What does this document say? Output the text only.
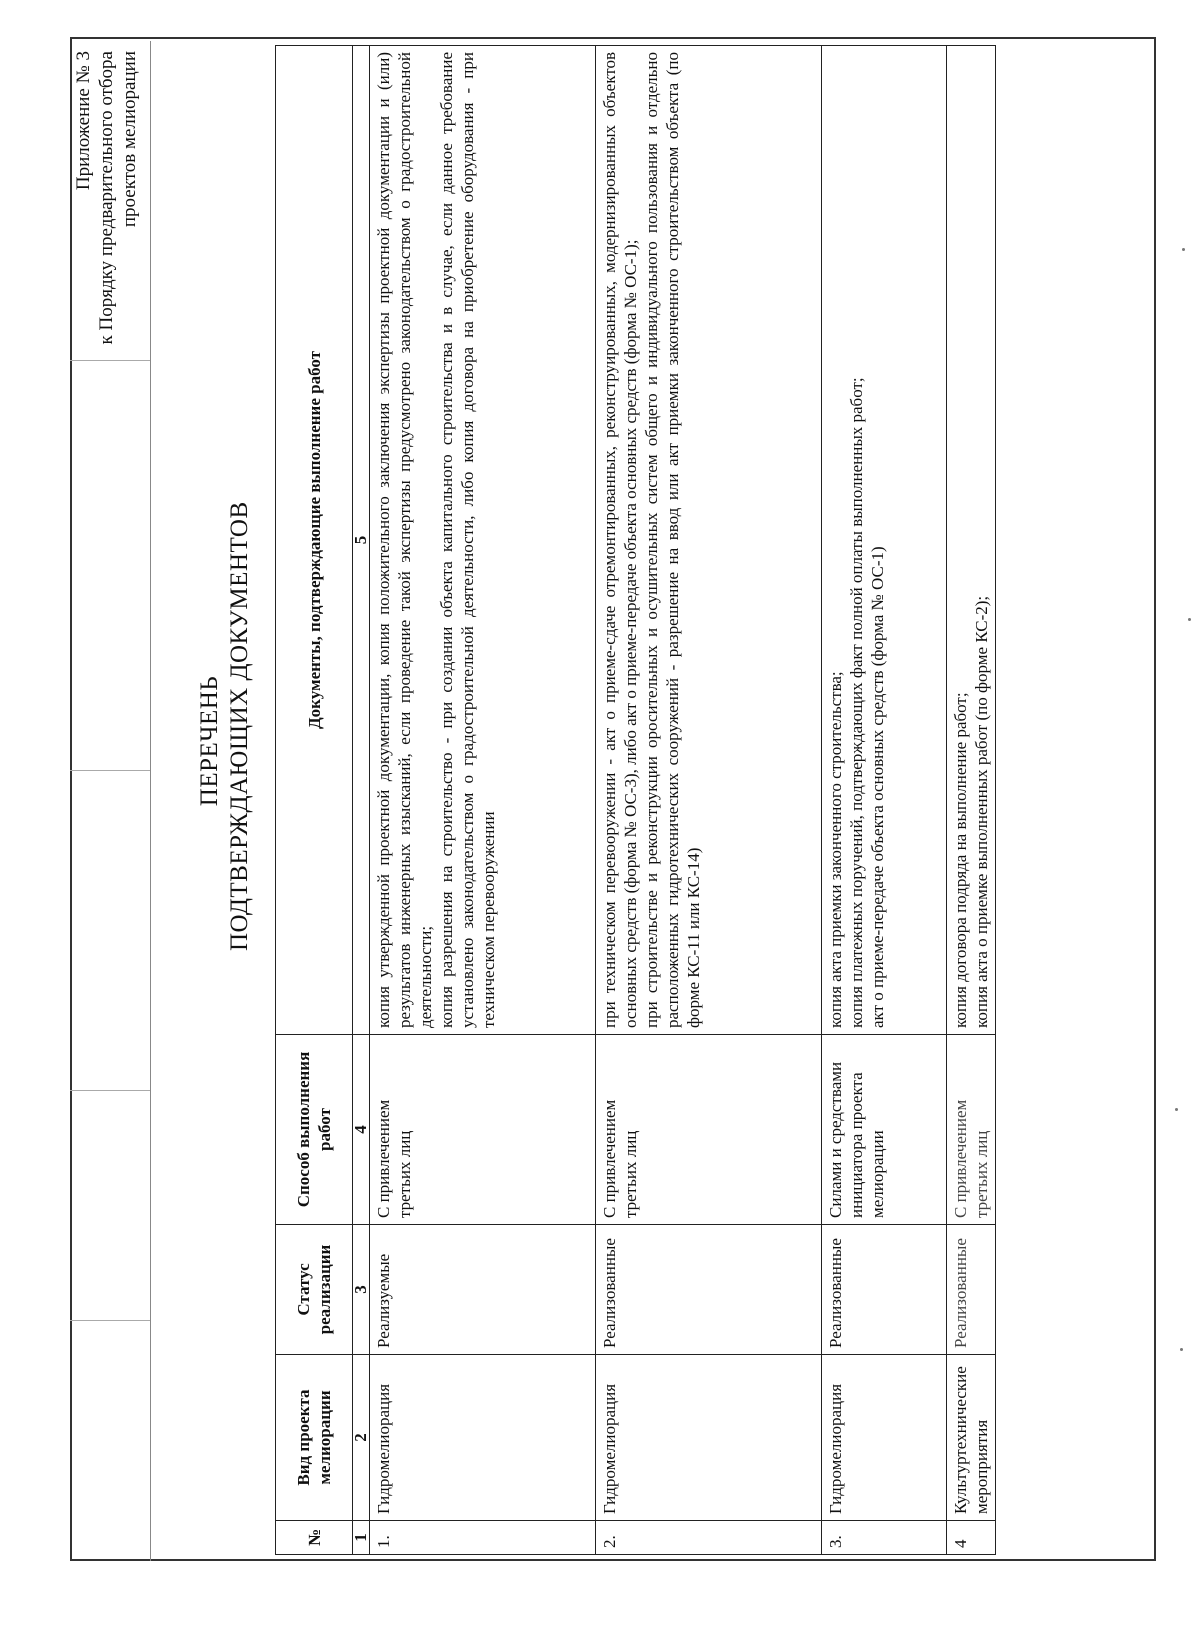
Приложение № 3 к Порядку предварительного отбора проектов мелиорации
ПЕРЕЧЕНЬ ПОДТВЕРЖДАЮЩИХ ДОКУМЕНТОВ
№	Вид проекта мелиорации	Статус реализации	Способ выполнения работ	Документы, подтверждающие выполнение работ
1	2	3	4	5
1.	Гидромелиорация	Реализуемые	С привлечением третьих лиц	копия утвержденной проектной документации, копия положительного заключения экспертизы проектной документации и (или) результатов инженерных изысканий, если проведение такой экспертизы предусмотрено законодательством о градостроительной деятельности; копия разрешения на строительство - при создании объекта капитального строительства и в случае, если данное требование установлено законодательством о градостроительной деятельности, либо копия договора на приобретение оборудования - при техническом перевооружении

2.	Гидромелиорация	Реализованные	С привлечением третьих лиц	при техническом перевооружении - акт о приеме-сдаче отремонтированных, реконструированных, модернизированных объектов основных средств (форма № ОС-3), либо акт о приеме-передаче объекта основных средств (форма № ОС-1); при строительстве и реконструкции оросительных и осушительных систем общего и индивидуального пользования и отдельно расположенных гидротехнических сооружений - разрешение на ввод или акт приемки законченного строительством объекта (по форме КС-11 или КС-14)

3.	Гидромелиорация	Реализованные	Силами и средствами инициатора проекта мелиорации	копия акта приемки законченного строительства; копия платежных поручений, подтверждающих факт полной оплаты выполненных работ; акт о приеме-передаче объекта основных средств (форма № ОС-1)

4	Культуртехнические мероприятия	Реализованные	С привлечением третьих лиц	копия договора подряда на выполнение работ; копия акта о приемке выполненных работ (по форме КС-2);
